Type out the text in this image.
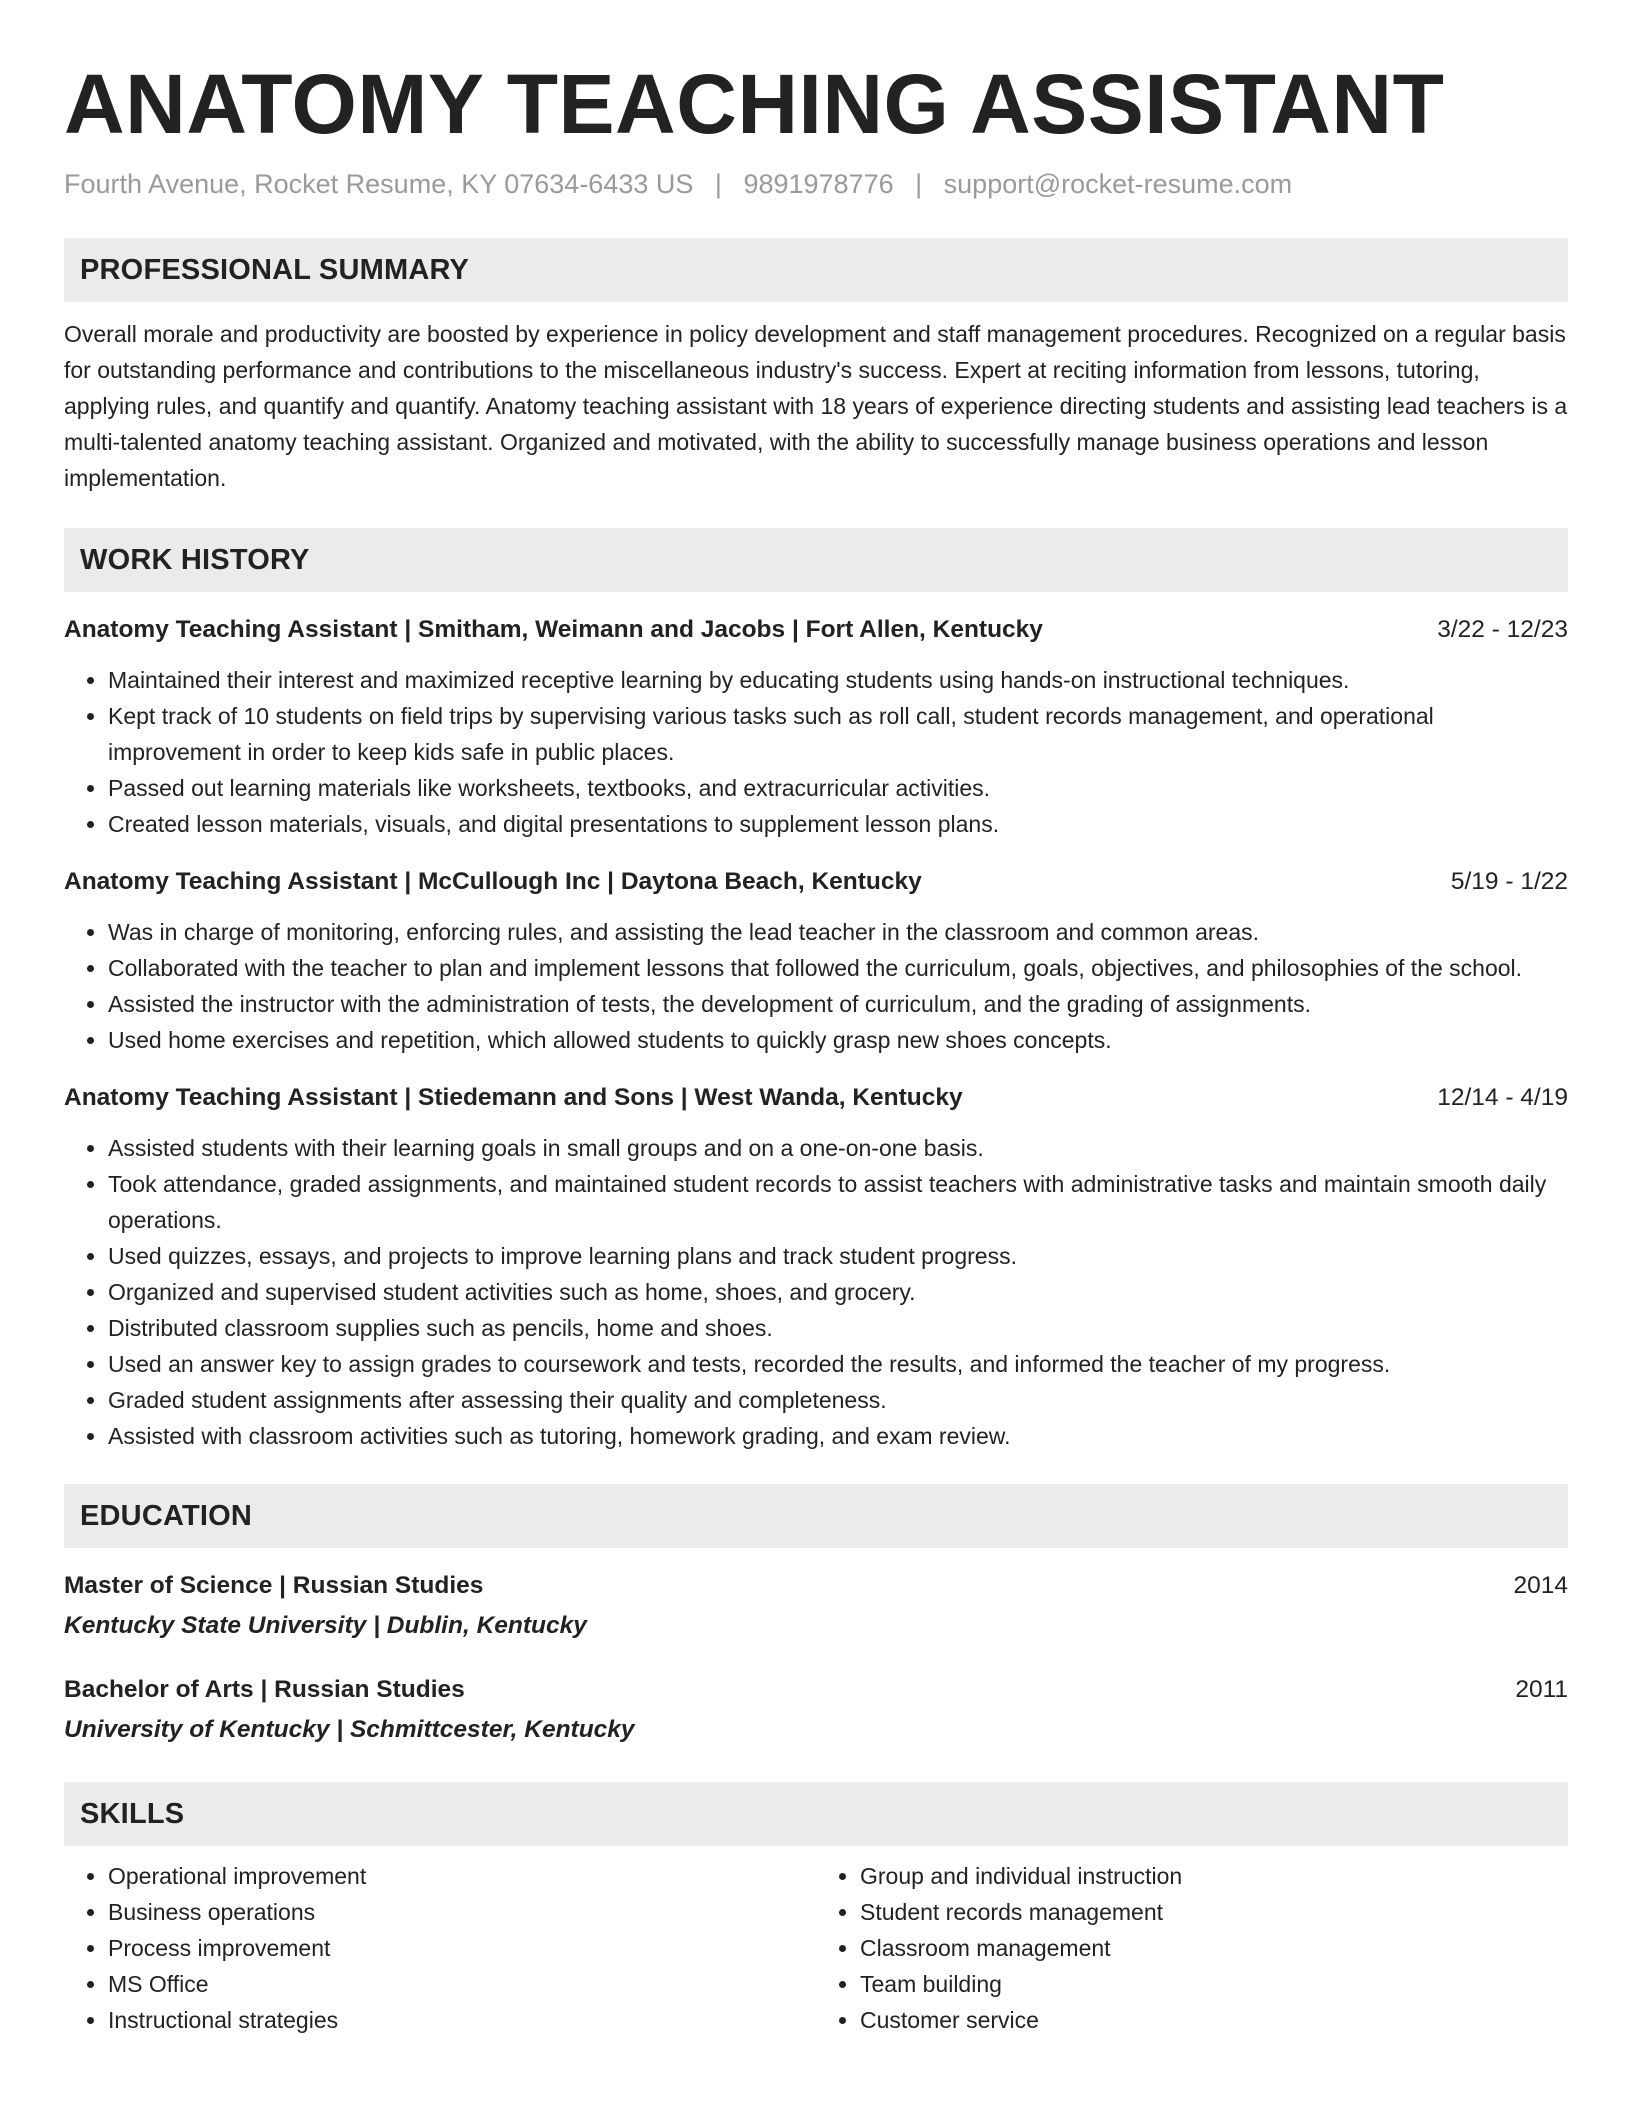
ANATOMY TEACHING ASSISTANT
Fourth Avenue, Rocket Resume, KY 07634-6433 US | 9891978776 | support@rocket-resume.com
PROFESSIONAL SUMMARY

Overall morale and productivity are boosted by experience in policy development and staff management procedures. Recognized on a regular basis for outstanding performance and contributions to the miscellaneous industry's success. Expert at reciting information from lessons, tutoring, applying rules, and quantify and quantify. Anatomy teaching assistant with 18 years of experience directing students and assisting lead teachers is a multi-talented anatomy teaching assistant. Organized and motivated, with the ability to successfully manage business operations and lesson implementation.

WORK HISTORY
Anatomy Teaching Assistant | Smitham, Weimann and Jacobs | Fort Allen, Kentucky	3/22 - 12/23
• Maintained their interest and maximized receptive learning by educating students using hands-on instructional techniques.
• Kept track of 10 students on field trips by supervising various tasks such as roll call, student records management, and operational improvement in order to keep kids safe in public places.
• Passed out learning materials like worksheets, textbooks, and extracurricular activities.
• Created lesson materials, visuals, and digital presentations to supplement lesson plans.
Anatomy Teaching Assistant | McCullough Inc | Daytona Beach, Kentucky	5/19 - 1/22
• Was in charge of monitoring, enforcing rules, and assisting the lead teacher in the classroom and common areas.
• Collaborated with the teacher to plan and implement lessons that followed the curriculum, goals, objectives, and philosophies of the school.
• Assisted the instructor with the administration of tests, the development of curriculum, and the grading of assignments.
• Used home exercises and repetition, which allowed students to quickly grasp new shoes concepts.
Anatomy Teaching Assistant | Stiedemann and Sons | West Wanda, Kentucky	12/14 - 4/19
• Assisted students with their learning goals in small groups and on a one-on-one basis.
• Took attendance, graded assignments, and maintained student records to assist teachers with administrative tasks and maintain smooth daily operations.
• Used quizzes, essays, and projects to improve learning plans and track student progress.
• Organized and supervised student activities such as home, shoes, and grocery.
• Distributed classroom supplies such as pencils, home and shoes.
• Used an answer key to assign grades to coursework and tests, recorded the results, and informed the teacher of my progress.
• Graded student assignments after assessing their quality and completeness.
• Assisted with classroom activities such as tutoring, homework grading, and exam review.
EDUCATION
Master of Science | Russian Studies	2014
Kentucky State University | Dublin, Kentucky
Bachelor of Arts | Russian Studies	2011
University of Kentucky | Schmittcester, Kentucky
SKILLS
• Operational improvement
• Business operations
• Process improvement
• MS Office
• Instructional strategies
• Group and individual instruction
• Student records management
• Classroom management
• Team building
• Customer service
